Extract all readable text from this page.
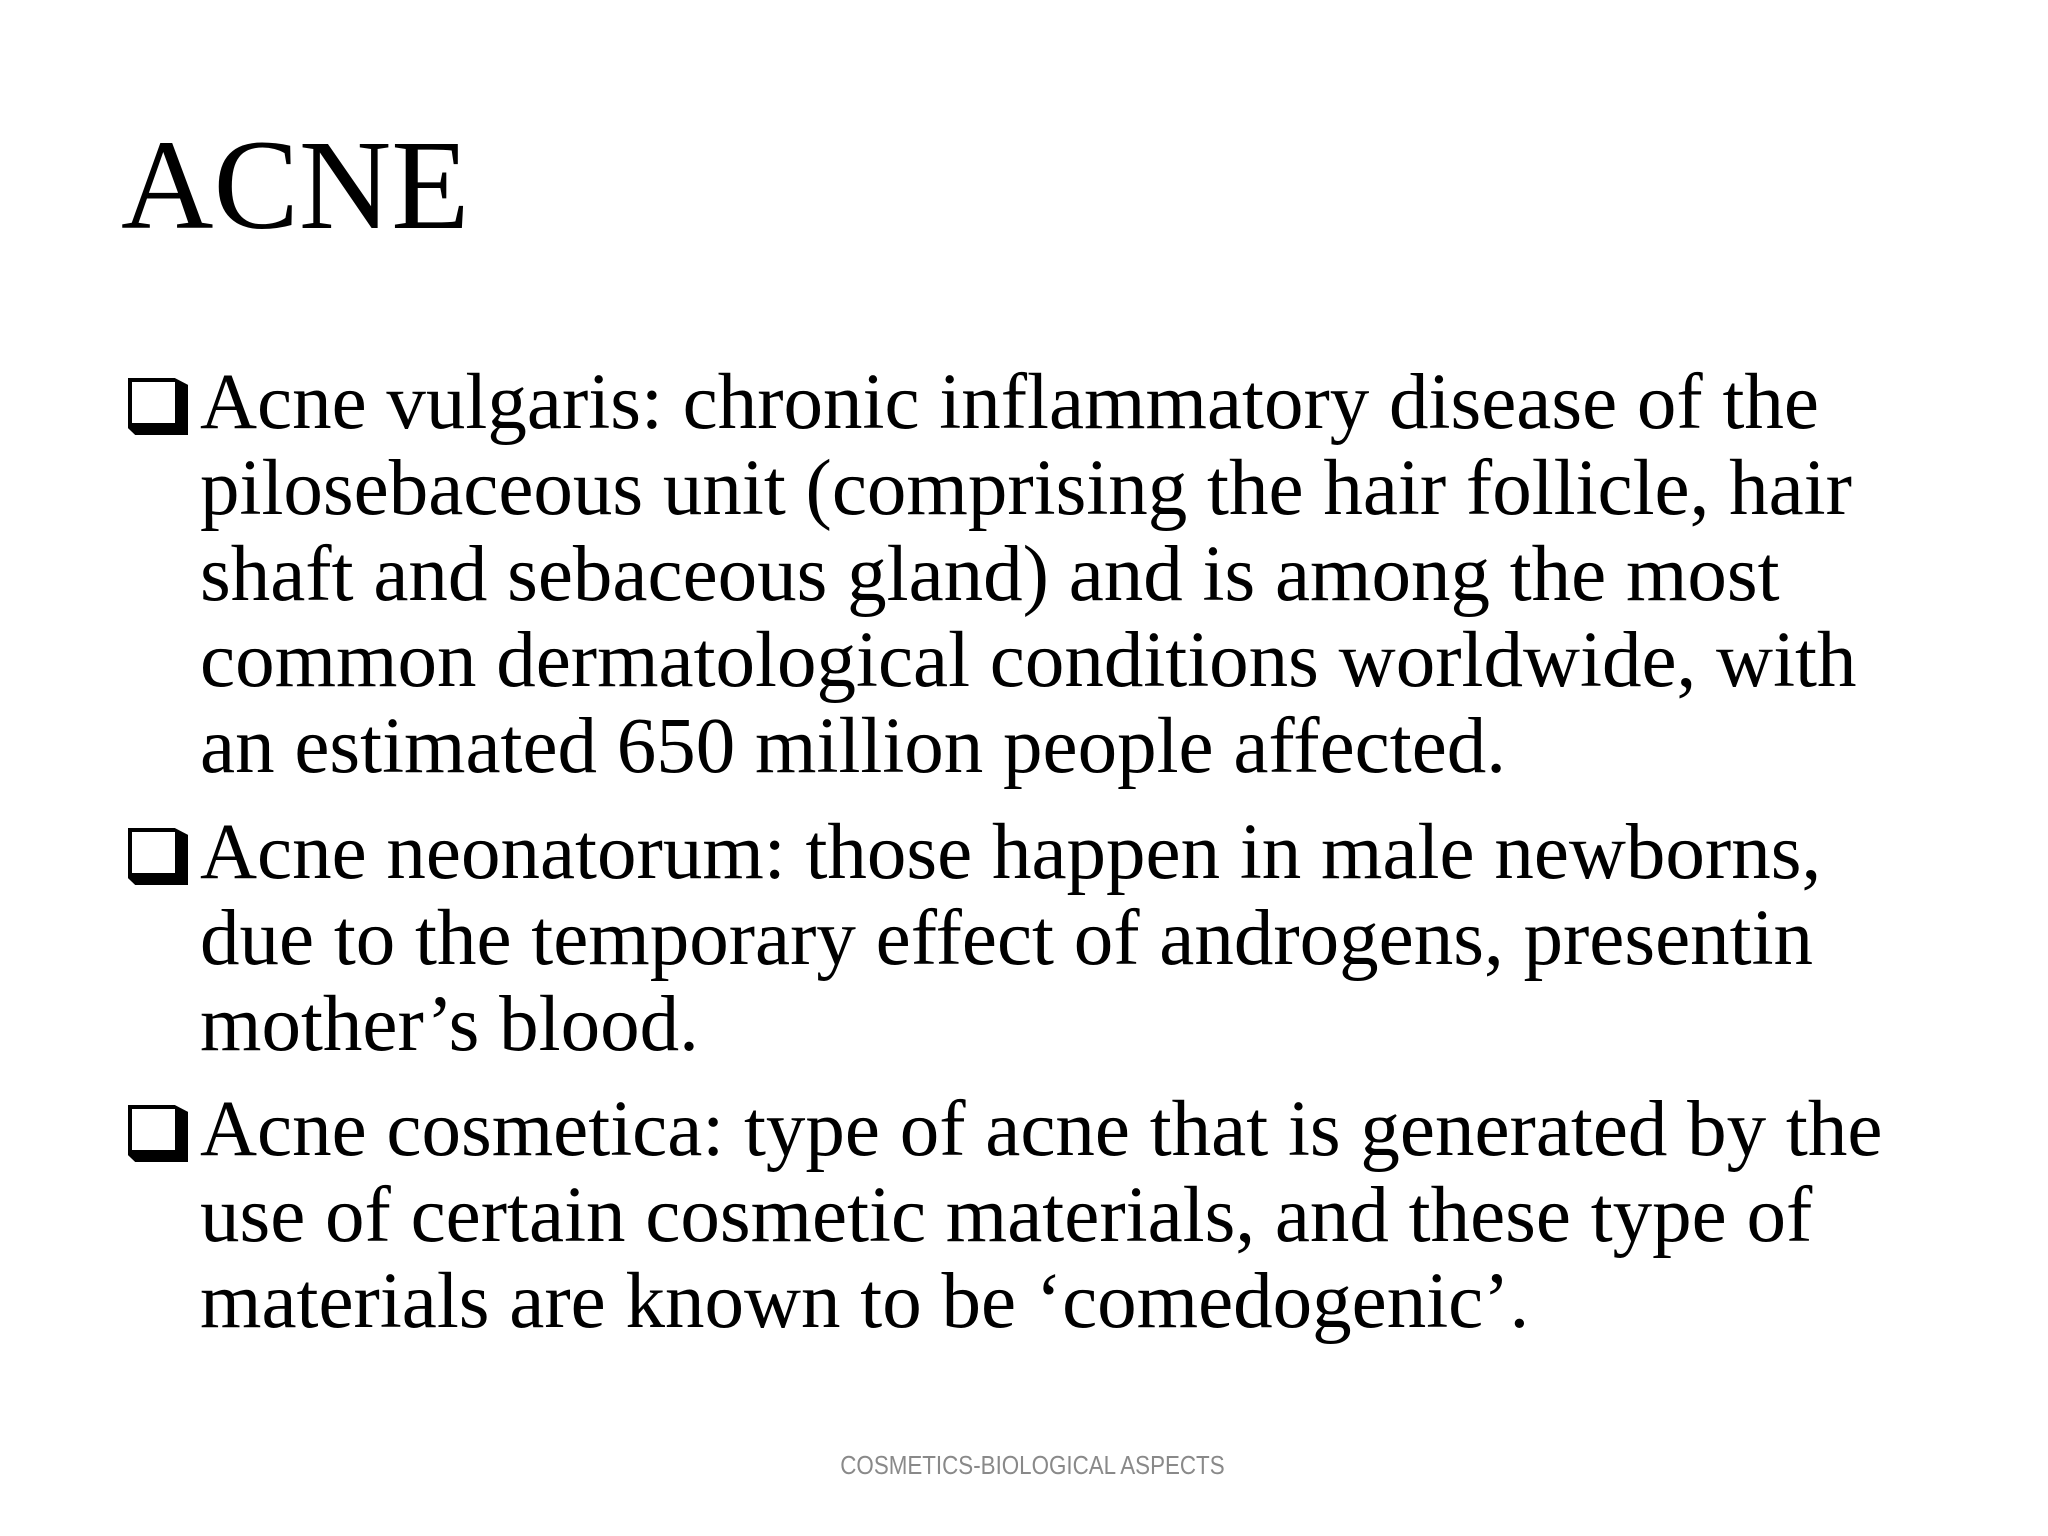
ACNE

Acne vulgaris: chronic inflammatory disease of the
pilosebaceous unit (comprising the hair follicle, hair
shaft and sebaceous gland) and is among the most
common dermatological conditions worldwide, with
an estimated 650 million people affected.

Acne neonatorum: those happen in male newborns,
due to the temporary effect of androgens, presentin
mother’s blood.

Acne cosmetica: type of acne that is generated by the
use of certain cosmetic materials, and these type of
materials are known to be ‘comedogenic’.

COSMETICS-BIOLOGICAL ASPECTS
